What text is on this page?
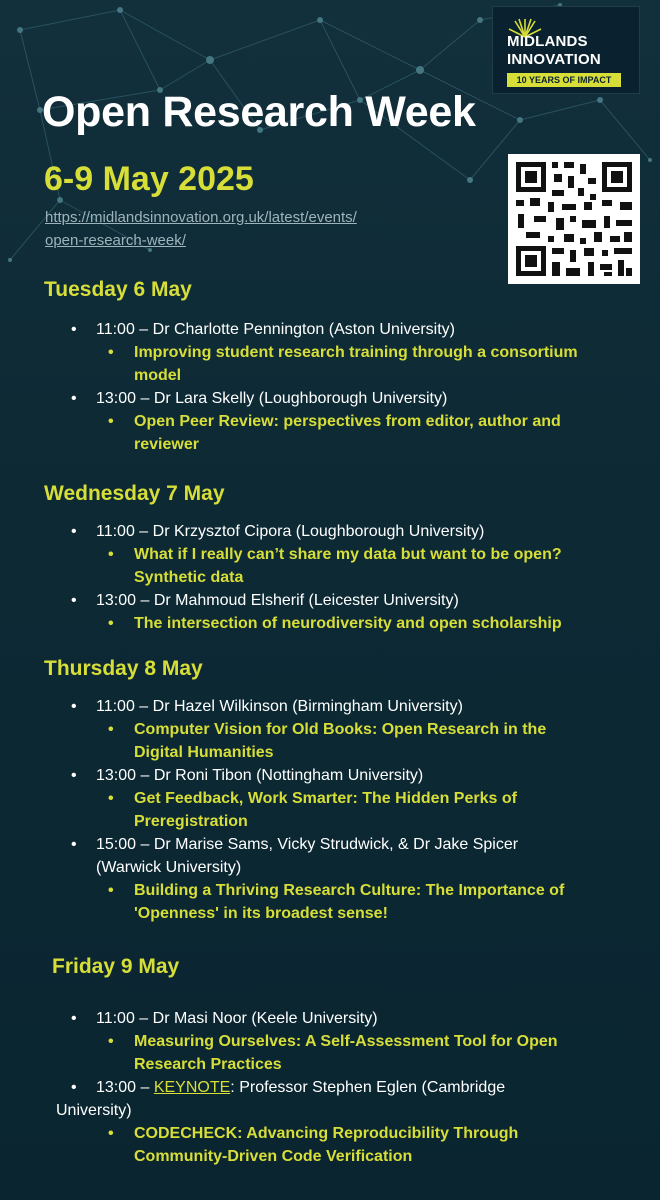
MIDLANDS
INNOVATION
10 YEARS OF IMPACT
Open Research Week
6-9 May 2025
https://midlandsinnovation.org.uk/latest/events/
open-research-week/
Tuesday 6 May
• 11:00 – Dr Charlotte Pennington (Aston University)
• Improving student research training through a consortium
model
• 13:00 – Dr Lara Skelly (Loughborough University)
• Open Peer Review: perspectives from editor, author and
reviewer
Wednesday 7 May
• 11:00 – Dr Krzysztof Cipora (Loughborough University)
• What if I really can’t share my data but want to be open?
Synthetic data
• 13:00 – Dr Mahmoud Elsherif (Leicester University)
• The intersection of neurodiversity and open scholarship
Thursday 8 May
• 11:00 – Dr Hazel Wilkinson (Birmingham University)
• Computer Vision for Old Books: Open Research in the
Digital Humanities
• 13:00 – Dr Roni Tibon (Nottingham University)
• Get Feedback, Work Smarter: The Hidden Perks of
Preregistration
• 15:00 – Dr Marise Sams, Vicky Strudwick, & Dr Jake Spicer
(Warwick University)
• Building a Thriving Research Culture: The Importance of
'Openness' in its broadest sense!
Friday 9 May
• 11:00 – Dr Masi Noor (Keele University)
• Measuring Ourselves: A Self-Assessment Tool for Open
Research Practices
• 13:00 – KEYNOTE: Professor Stephen Eglen (Cambridge
University)
• CODECHECK: Advancing Reproducibility Through
Community-Driven Code Verification
